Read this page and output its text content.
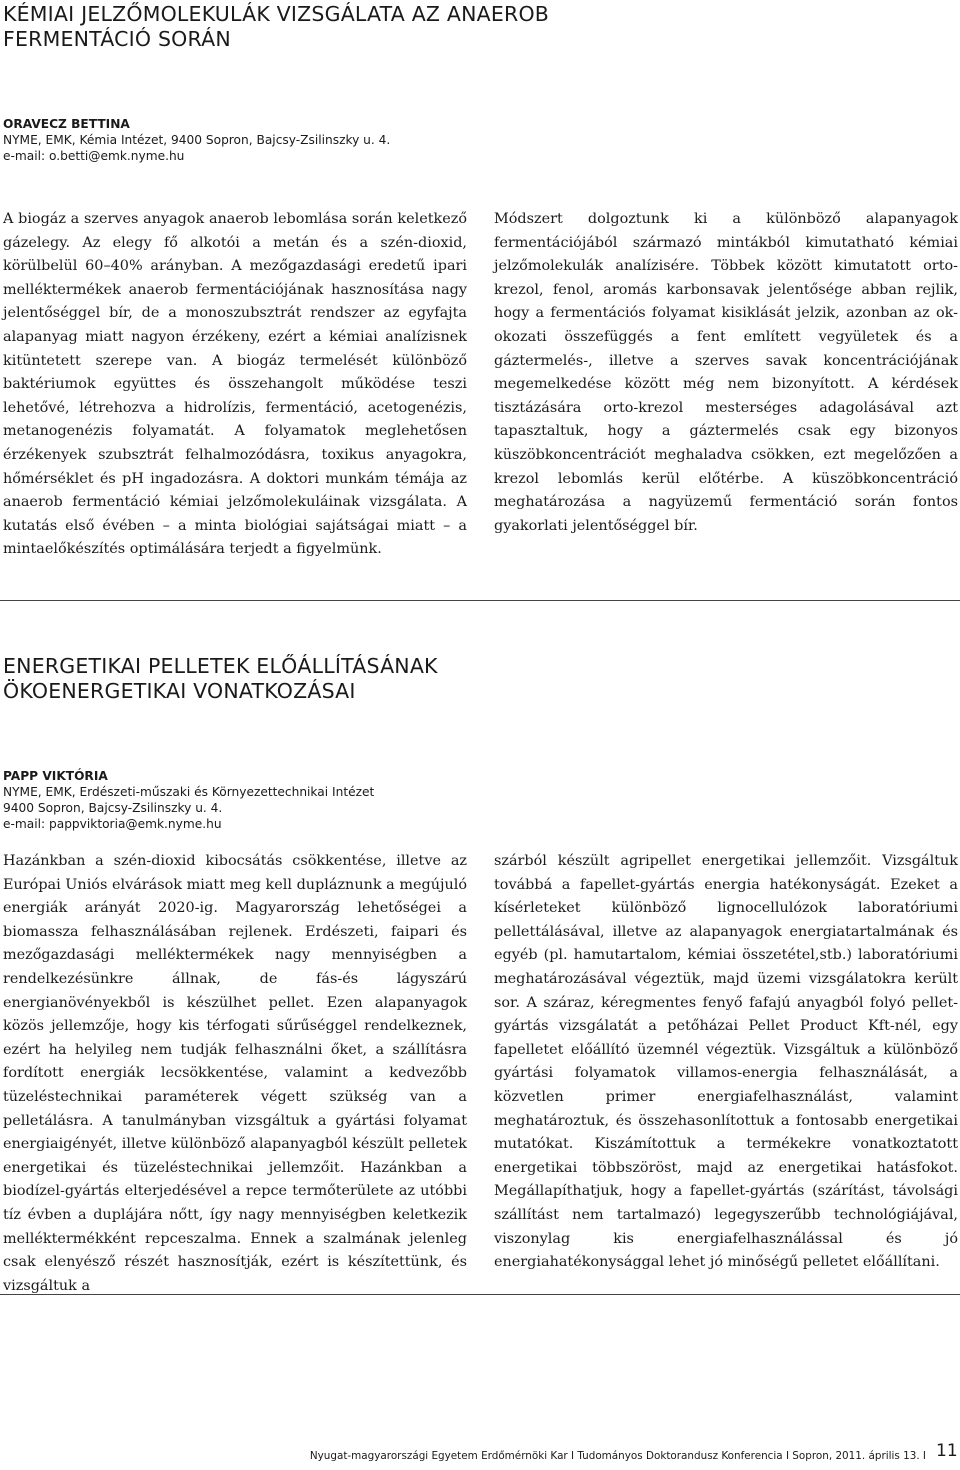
KÉMIAI JELZŐMOLEKULÁK VIZSGÁLATA AZ ANAEROB
FERMENTÁCIÓ SORÁN
ORAVECZ BETTINA
NYME, EMK, Kémia Intézet, 9400 Sopron, Bajcsy-Zsilinszky u. 4.
e-mail: o.betti@emk.nyme.hu

A biogáz a szerves anyagok anaerob lebomlása során keletkező gázelegy. Az elegy fő alkotói a metán és a szén-dioxid, körülbelül 60–40% arányban. A mezőgazdasági eredetű ipari melléktermékek anaerob fermentációjának hasznosítása nagy jelentőséggel bír, de a monoszubsztrát rendszer az egyfajta alapanyag miatt nagyon érzékeny, ezért a kémiai analízisnek kitüntetett szerepe van. A biogáz termelését különböző baktériumok együttes és összehangolt működése teszi lehetővé, létrehozva a hidrolízis, fermentáció, acetogenézis, metanogenézis folyamatát. A folyamatok meglehetősen érzékenyek szubsztrát felhalmozódásra, toxikus anyagokra, hőmérséklet és pH ingadozásra. A doktori munkám témája az anaerob fermentáció kémiai jelzőmolekuláinak vizsgálata. A kutatás első évében – a minta biológiai sajátságai miatt – a mintaelőkészítés optimálására terjedt a figyelmünk.

Módszert dolgoztunk ki a különböző alapanyagok fermentációjából származó mintákból kimutatható kémiai jelzőmolekulák analízisére. Többek között kimutatott orto-krezol, fenol, aromás karbonsavak jelentősége abban rejlik, hogy a fermentációs folyamat kisiklását jelzik, azonban az ok-okozati összefüggés a fent említett vegyületek és a gáztermelés-, illetve a szerves savak koncentrációjának megemelkedése között még nem bizonyított. A kérdések tisztázására orto-krezol mesterséges adagolásával azt tapasztaltuk, hogy a gáztermelés csak egy bizonyos küszöbkoncentrációt meghaladva csökken, ezt megelőzően a krezol lebomlás kerül előtérbe. A küszöbkoncentráció meghatározása a nagyüzemű fermentáció során fontos gyakorlati jelentőséggel bír.

ENERGETIKAI PELLETEK ELŐÁLLÍTÁSÁNAK
ÖKOENERGETIKAI VONATKOZÁSAI
PAPP VIKTÓRIA
NYME, EMK, Erdészeti-műszaki és Környezettechnikai Intézet
9400 Sopron, Bajcsy-Zsilinszky u. 4.
e-mail: pappviktoria@emk.nyme.hu

Hazánkban a szén-dioxid kibocsátás csökkentése, illetve az Európai Uniós elvárások miatt meg kell dupláznunk a megújuló energiák arányát 2020-ig. Magyarország lehetőségei a biomassza felhasználásában rejlenek. Erdészeti, faipari és mezőgazdasági melléktermékek nagy mennyiségben a rendelkezésünkre állnak, de fás-és lágyszárú energianövényekből is készülhet pellet. Ezen alapanyagok közös jellemzője, hogy kis térfogati sűrűséggel rendelkeznek, ezért ha helyileg nem tudják felhasználni őket, a szállításra fordított energiák lecsökkentése, valamint a kedvezőbb tüzeléstechnikai paraméterek végett szükség van a pelletálásra. A tanulmányban vizsgáltuk a gyártási folyamat energiaigényét, illetve különböző alapanyagból készült pelletek energetikai és tüzeléstechnikai jellemzőit. Hazánkban a biodízel-gyártás elterjedésével a repce termőterülete az utóbbi tíz évben a duplájára nőtt, így nagy mennyiségben keletkezik melléktermékként repceszalma. Ennek a szalmának jelenleg csak elenyésző részét hasznosítják, ezért is készítettünk, és vizsgáltuk a

szárból készült agripellet energetikai jellemzőit. Vizsgáltuk továbbá a fapellet-gyártás energia hatékonyságát. Ezeket a kísérleteket különböző lignocellulózok laboratóriumi pellettálásával, illetve az alapanyagok energiatartalmának és egyéb (pl. hamutartalom, kémiai összetétel,stb.) laboratóriumi meghatározásával végeztük, majd üzemi vizsgálatokra került sor. A száraz, kéregmentes fenyő fafajú anyagból folyó pellet-gyártás vizsgálatát a petőházai Pellet Product Kft-nél, egy fapelletet előállító üzemnél végeztük. Vizsgáltuk a különböző gyártási folyamatok villamos-energia felhasználását, a közvetlen primer energiafelhasználást, valamint meghatároztuk, és összehasonlítottuk a fontosabb energetikai mutatókat. Kiszámítottuk a termékekre vonatkoztatott energetikai többszöröst, majd az energetikai hatásfokot. Megállapíthatjuk, hogy a fapellet-gyártás (szárítást, távolsági szállítást nem tartalmazó) legegyszerűbb technológiájával, viszonylag kis energiafelhasználással és jó energiahatékonysággal lehet jó minőségű pelletet előállítani.

Nyugat-magyarországi Egyetem Erdőmérnöki Kar I Tudományos Doktorandusz Konferencia I Sopron, 2011. április 13. I 11
